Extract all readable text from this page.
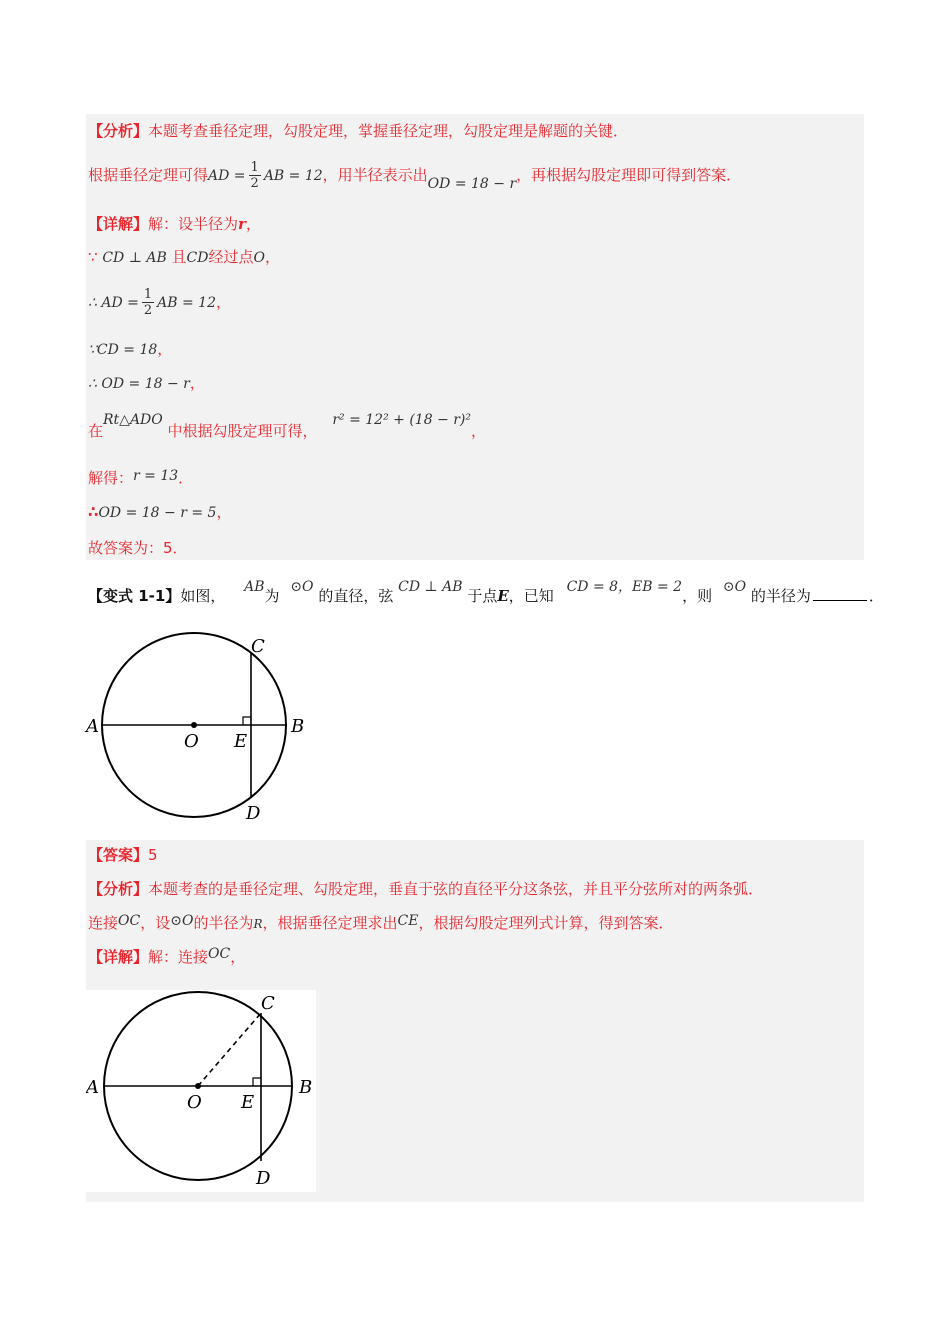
【分析】本题考查垂径定理，勾股定理，掌握垂径定理，勾股定理是解题的关键．
根据垂径定理可得AD = $\frac{1}{2}$ AB = 12，用半径表示出OD = 18 − r，再根据勾股定理即可得到答案．
【详解】解：设半径为r，
∵ CD ⊥ AB 且CD经过点O，
∴ AD = $\frac{1}{2}$ AB = 12，
∵CD = 18，
∴ OD = 18 − r，
在Rt△ADO 中根据勾股定理可得， r² = 12² + (18 − r)²，
解得：r = 13．
∴OD = 18 − r = 5，
故答案为：5．
【变式 1-1】如图， AB为 ⊙O 的直径，弦 CD ⊥ AB 于点E，已知 CD = 8，EB = 2，则 ⊙O 的半径为	．
A	B
C
D
O E
【答案】5
【分析】本题考查的是垂径定理、勾股定理，垂直于弦的直径平分这条弦，并且平分弦所对的两条弧．
连接OC，设⊙O的半径为R，根据垂径定理求出CE，根据勾股定理列式计算，得到答案．
【详解】解：连接OC，
A	B
C
D
O E
